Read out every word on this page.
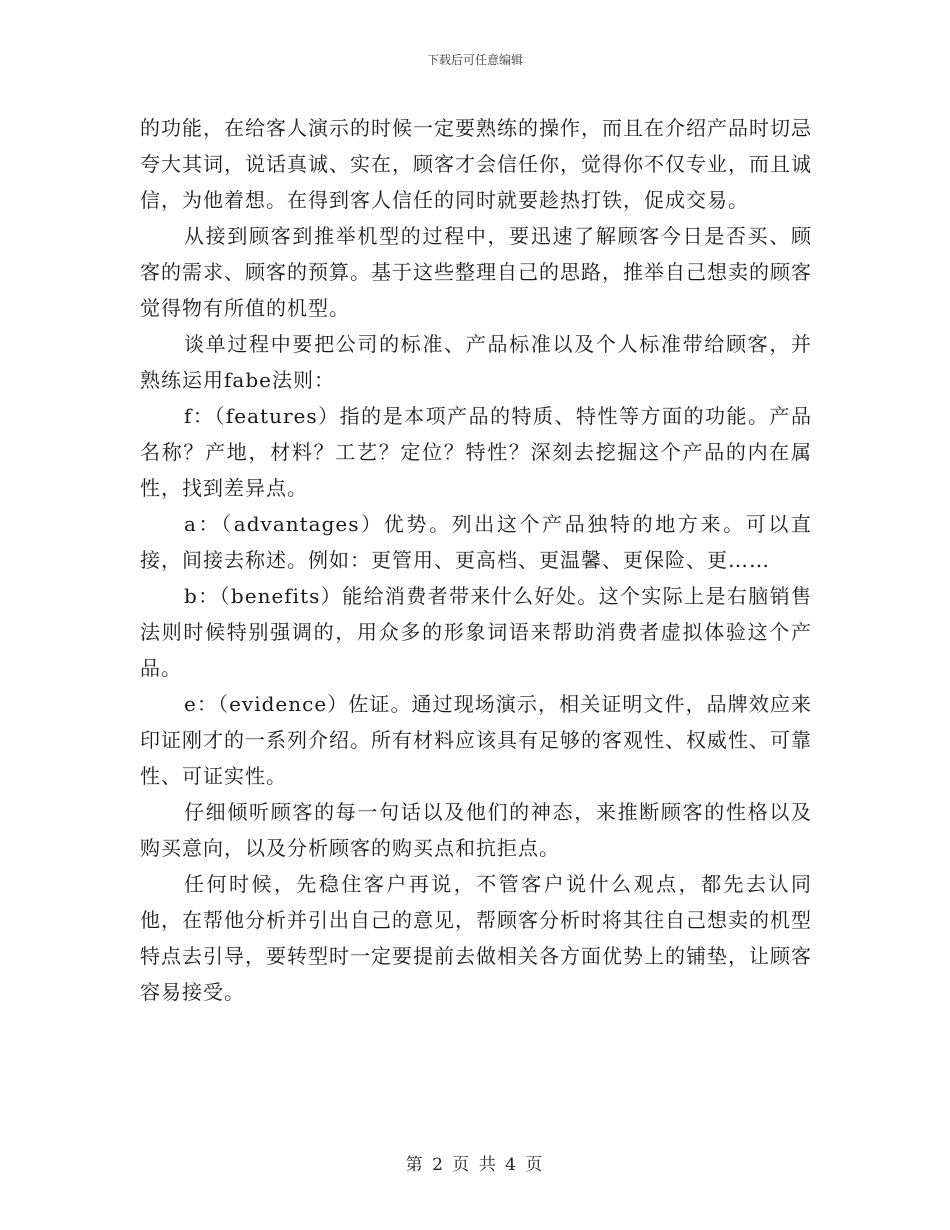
下载后可任意编辑

的功能，在给客人演示的时候一定要熟练的操作，而且在介绍产品时切忌夸大其词，说话真诚、实在，顾客才会信任你，觉得你不仅专业，而且诚信，为他着想。在得到客人信任的同时就要趁热打铁，促成交易。

从接到顾客到推举机型的过程中，要迅速了解顾客今日是否买、顾客的需求、顾客的预算。基于这些整理自己的思路，推举自己想卖的顾客觉得物有所值的机型。

谈单过程中要把公司的标准、产品标准以及个人标准带给顾客，并熟练运用fabe法则：

f：（features）指的是本项产品的特质、特性等方面的功能。产品名称？产地，材料？工艺？定位？特性？深刻去挖掘这个产品的内在属性，找到差异点。

a：（advantages）优势。列出这个产品独特的地方来。可以直接，间接去称述。例如：更管用、更高档、更温馨、更保险、更……

b：（benefits）能给消费者带来什么好处。这个实际上是右脑销售法则时候特别强调的，用众多的形象词语来帮助消费者虚拟体验这个产品。

e：（evidence）佐证。通过现场演示，相关证明文件，品牌效应来印证刚才的一系列介绍。所有材料应该具有足够的客观性、权威性、可靠性、可证实性。

仔细倾听顾客的每一句话以及他们的神态，来推断顾客的性格以及购买意向，以及分析顾客的购买点和抗拒点。

任何时候，先稳住客户再说，不管客户说什么观点，都先去认同他，在帮他分析并引出自己的意见，帮顾客分析时将其往自己想卖的机型特点去引导，要转型时一定要提前去做相关各方面优势上的铺垫，让顾客容易接受。

第 2 页 共 4 页
